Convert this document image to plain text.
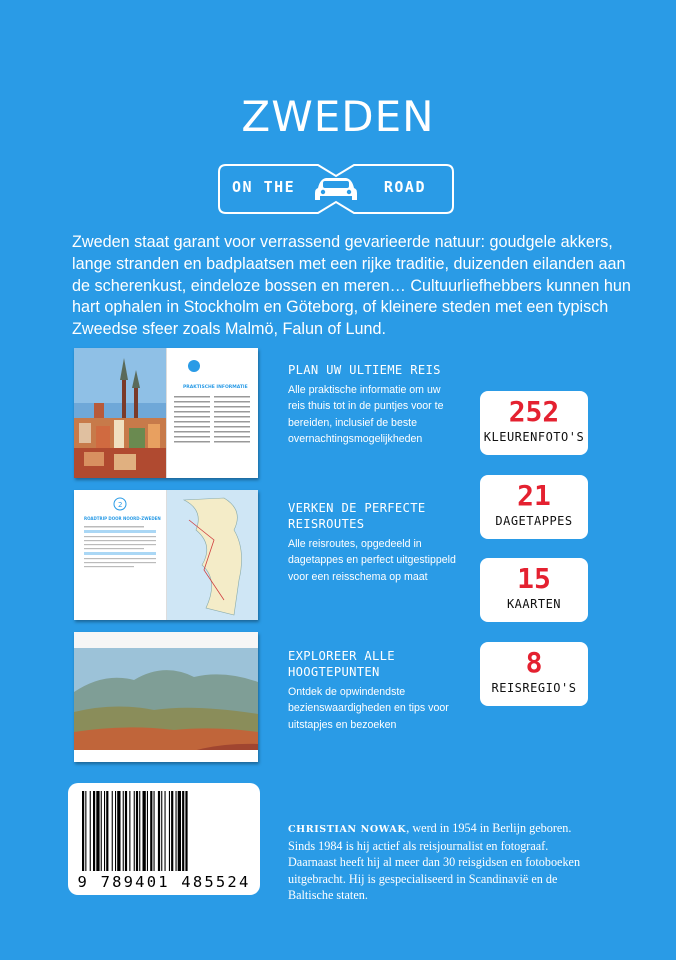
ZWEDEN
ON THE	ROAD

Zweden staat garant voor verrassend gevarieerde natuur: goudgele akkers, lange stranden en badplaatsen met een rijke traditie, duizenden eilanden aan de scherenkust, eindeloze bossen en meren… Cultuurliefhebbers kunnen hun hart ophalen in Stockholm en Göteborg, of kleinere steden met een typisch Zweedse sfeer zoals Malmö, Falun of Lund.

PRAKTISCHE INFORMATIE
2
ROADTRIP DOOR NOORD-ZWEDEN
PLAN UW ULTIEME REIS

Alle praktische informatie om uw reis thuis tot in de puntjes voor te bereiden, inclusief de beste overnachtingsmogelijkheden

VERKEN DE PERFECTE REISROUTES

Alle reisroutes, opgedeeld in dagetappes en perfect uitgestippeld voor een reisschema op maat

EXPLOREER ALLE HOOGTEPUNTEN

Ontdek de opwindendste bezienswaardigheden en tips voor uitstapjes en bezoeken

252
KLEURENFOTO'S
21
DAGETAPPES
15
KAARTEN
8
REISREGIO'S
9 789401 485524

CHRISTIAN NOWAK, werd in 1954 in Berlijn geboren. Sinds 1984 is hij actief als reisjournalist en fotograaf. Daarnaast heeft hij al meer dan 30 reisgidsen en fotoboeken uitgebracht. Hij is gespecialiseerd in Scandinavië en de Baltische staten.
